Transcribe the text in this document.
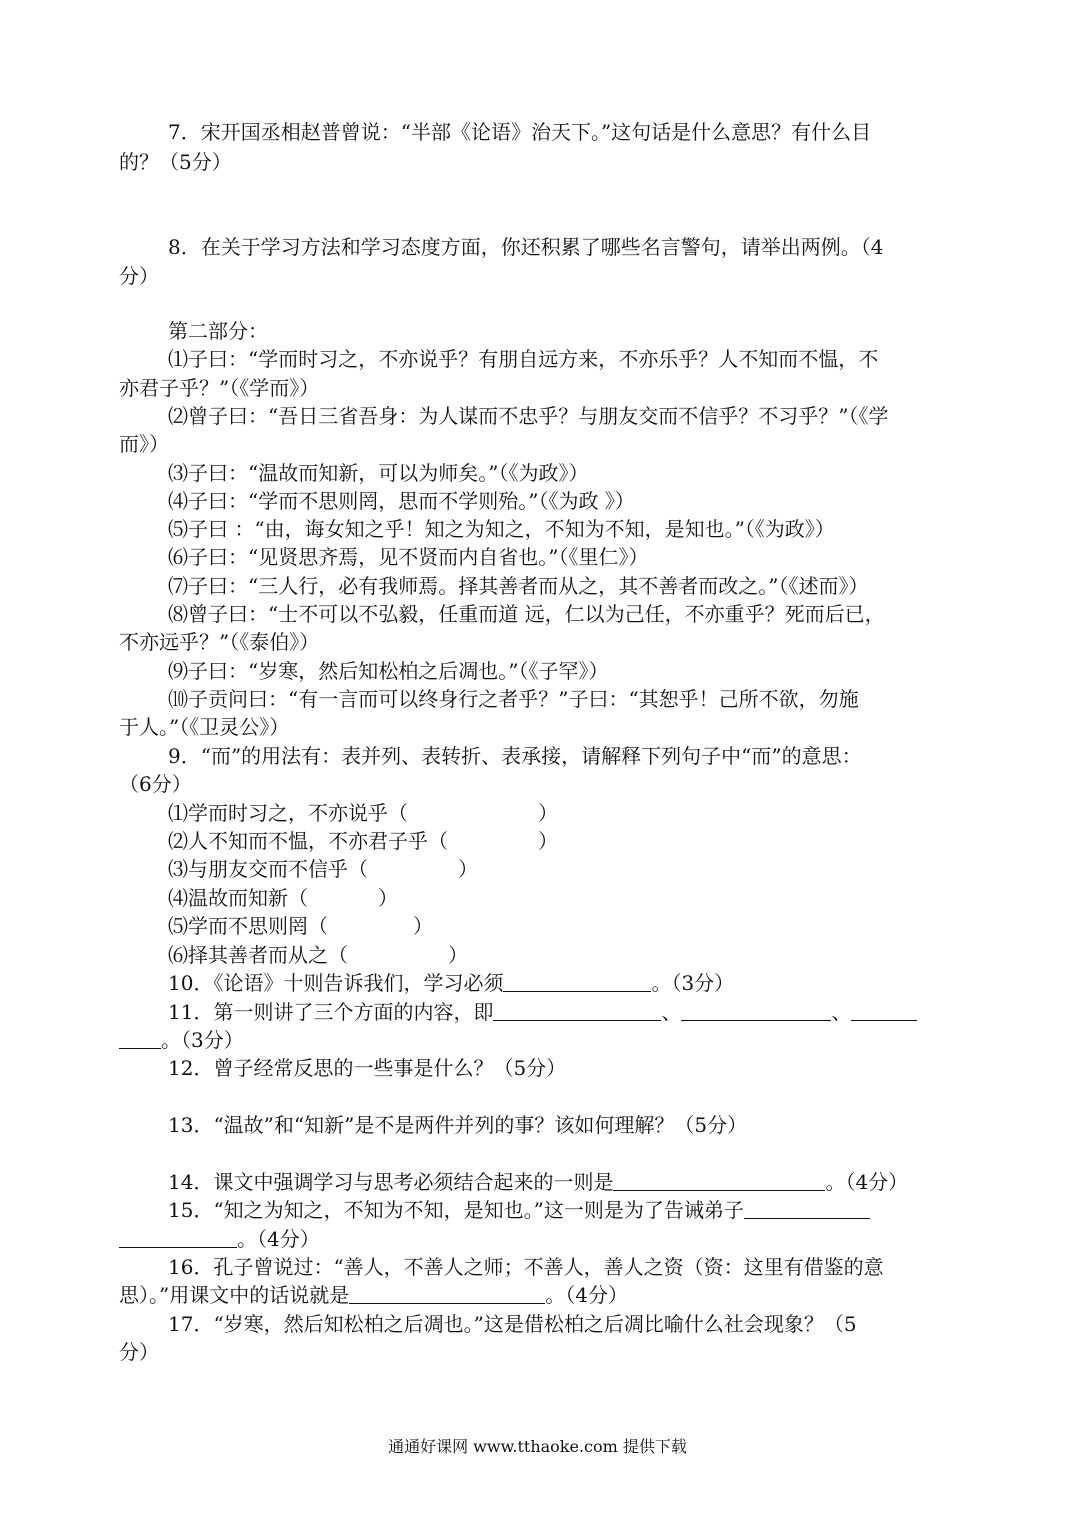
7．宋开国丞相赵普曾说：“半部《论语》治天下。”这句话是什么意思？有什么目
的？（5分）
8．在关于学习方法和学习态度方面，你还积累了哪些名言警句，请举出两例。（4
分）
第二部分：
⑴子曰：“学而时习之，不亦说乎？有朋自远方来，不亦乐乎？人不知而不愠，不
亦君子乎？”（《学而》）
⑵曾子曰：“吾日三省吾身：为人谋而不忠乎？与朋友交而不信乎？不习乎？”（《学
而》）
⑶子曰：“温故而知新，可以为师矣。”（《为政》）
⑷子曰：“学而不思则罔，思而不学则殆。”（《为政 》）
⑸子曰 ：“由，诲女知之乎！知之为知之，不知为不知，是知也。”（《为政》）
⑹子曰：“见贤思齐焉，见不贤而内自省也。”（《里仁》）
⑺子曰：“三人行，必有我师焉。择其善者而从之，其不善者而改之。”（《述而》）
⑻曾子曰：“士不可以不弘毅，任重而道 远，仁以为己任，不亦重乎？死而后已，
不亦远乎？”（《泰伯》）
⑼子曰：“岁寒，然后知松柏之后凋也。”（《子罕》）
⑽子贡问曰：“有一言而可以终身行之者乎？”子曰：“其恕乎！己所不欲，勿施
于人。”（《卫灵公》）
9．“而”的用法有：表并列、表转折、表承接，请解释下列句子中“而”的意思：
（6分）
⑴学而时习之，不亦说乎（	）
⑵人不知而不愠，不亦君子乎（	）
⑶与朋友交而不信乎（	）
⑷温故而知新（	）
⑸学而不思则罔（	）
⑹择其善者而从之（	）
10．《论语》十则告诉我们，学习必须	。（3分）
11．第一则讲了三个方面的内容，即	、	、
。（3分）
12．曾子经常反思的一些事是什么？（5分）
13．“温故”和“知新”是不是两件并列的事？该如何理解？（5分）
14．课文中强调学习与思考必须结合起来的一则是	。（4分）
15．“知之为知之，不知为不知，是知也。”这一则是为了告诫弟子
。（4分）
16．孔子曾说过：“善人，不善人之师；不善人，善人之资（资：这里有借鉴的意
思）。”用课文中的话说就是	。（4分）
17．“岁寒，然后知松柏之后凋也。”这是借松柏之后凋比喻什么社会现象？（5
分）
通通好课网 www.tthaoke.com 提供下载
